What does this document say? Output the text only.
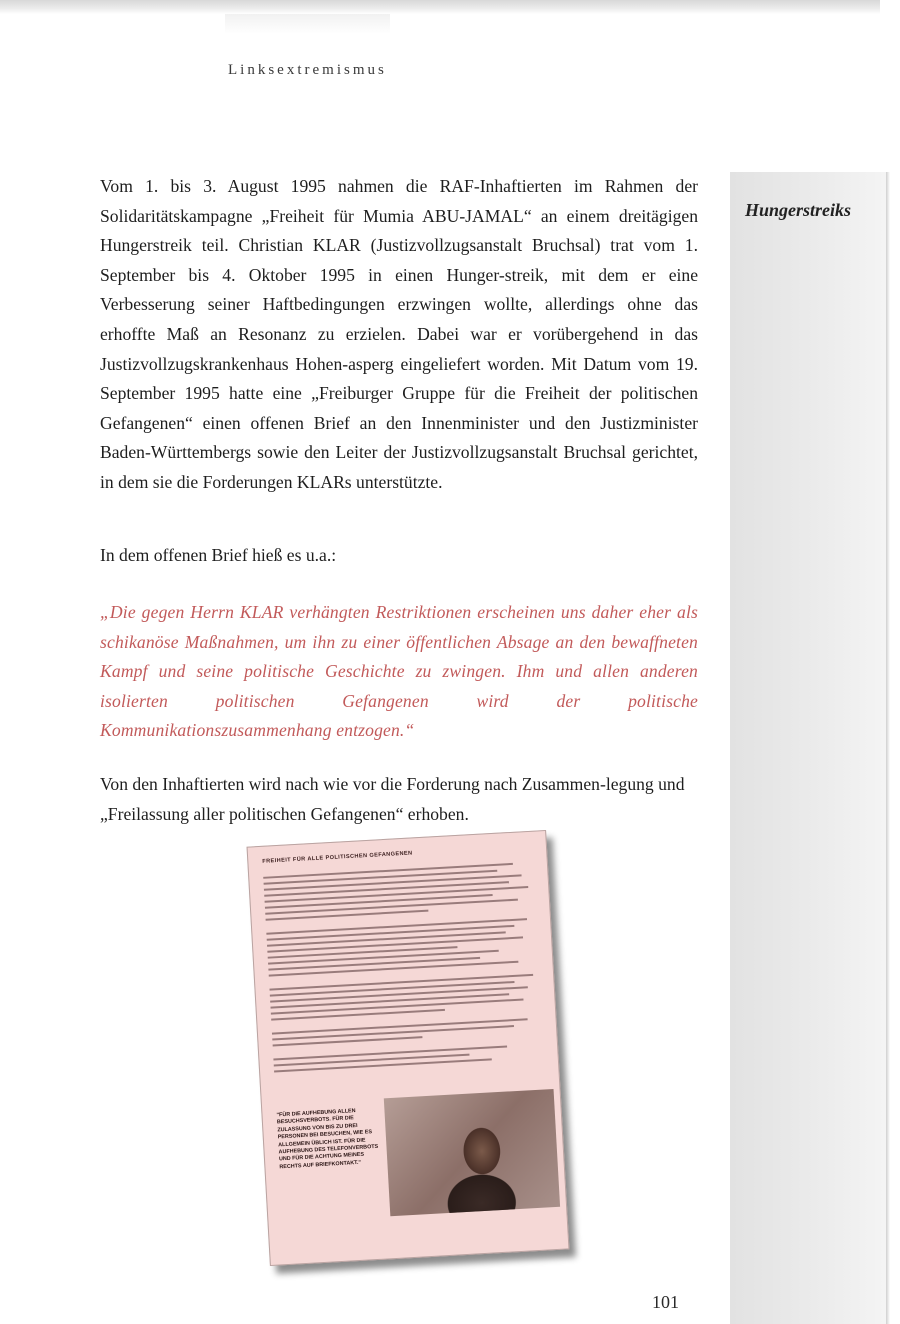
Linksextremismus
Hungerstreiks

Vom 1. bis 3. August 1995 nahmen die RAF-Inhaftierten im Rahmen der Solidaritätskampagne „Freiheit für Mumia ABU-JAMAL“ an einem dreitägigen Hungerstreik teil. Christian KLAR (Justizvollzugsanstalt Bruchsal) trat vom 1. September bis 4. Oktober 1995 in einen Hunger-streik, mit dem er eine Verbesserung seiner Haftbedingungen erzwingen wollte, allerdings ohne das erhoffte Maß an Resonanz zu erzielen. Dabei war er vorübergehend in das Justizvollzugskrankenhaus Hohen-asperg eingeliefert worden. Mit Datum vom 19. September 1995 hatte eine „Freiburger Gruppe für die Freiheit der politischen Gefangenen“ einen offenen Brief an den Innenminister und den Justizminister Baden-Württembergs sowie den Leiter der Justizvollzugsanstalt Bruchsal gerichtet, in dem sie die Forderungen KLARs unterstützte.

In dem offenen Brief hieß es u.a.:

„Die gegen Herrn KLAR verhängten Restriktionen erscheinen uns daher eher als schikanöse Maßnahmen, um ihn zu einer öffentlichen Absage an den bewaffneten Kampf und seine politische Geschichte zu zwingen. Ihm und allen anderen isolierten politischen Gefangenen wird der politische Kommunikationszusammenhang entzogen.“

Von den Inhaftierten wird nach wie vor die Forderung nach Zusammen-legung und „Freilassung aller politischen Gefangenen“ erhoben.

FREIHEIT FÜR ALLE POLITISCHEN GEFANGENEN
"FÜR DIE AUFHEBUNG ALLEN BESUCHSVERBOTS. FÜR DIE ZULASSUNG VON BIS ZU DREI PERSONEN BEI BESUCHEN, WIE ES ALLGEMEIN ÜBLICH IST. FÜR DIE AUFHEBUNG DES TELEFONVERBOTS UND FÜR DIE ACHTUNG MEINES RECHTS AUF BRIEFKONTAKT."
101
